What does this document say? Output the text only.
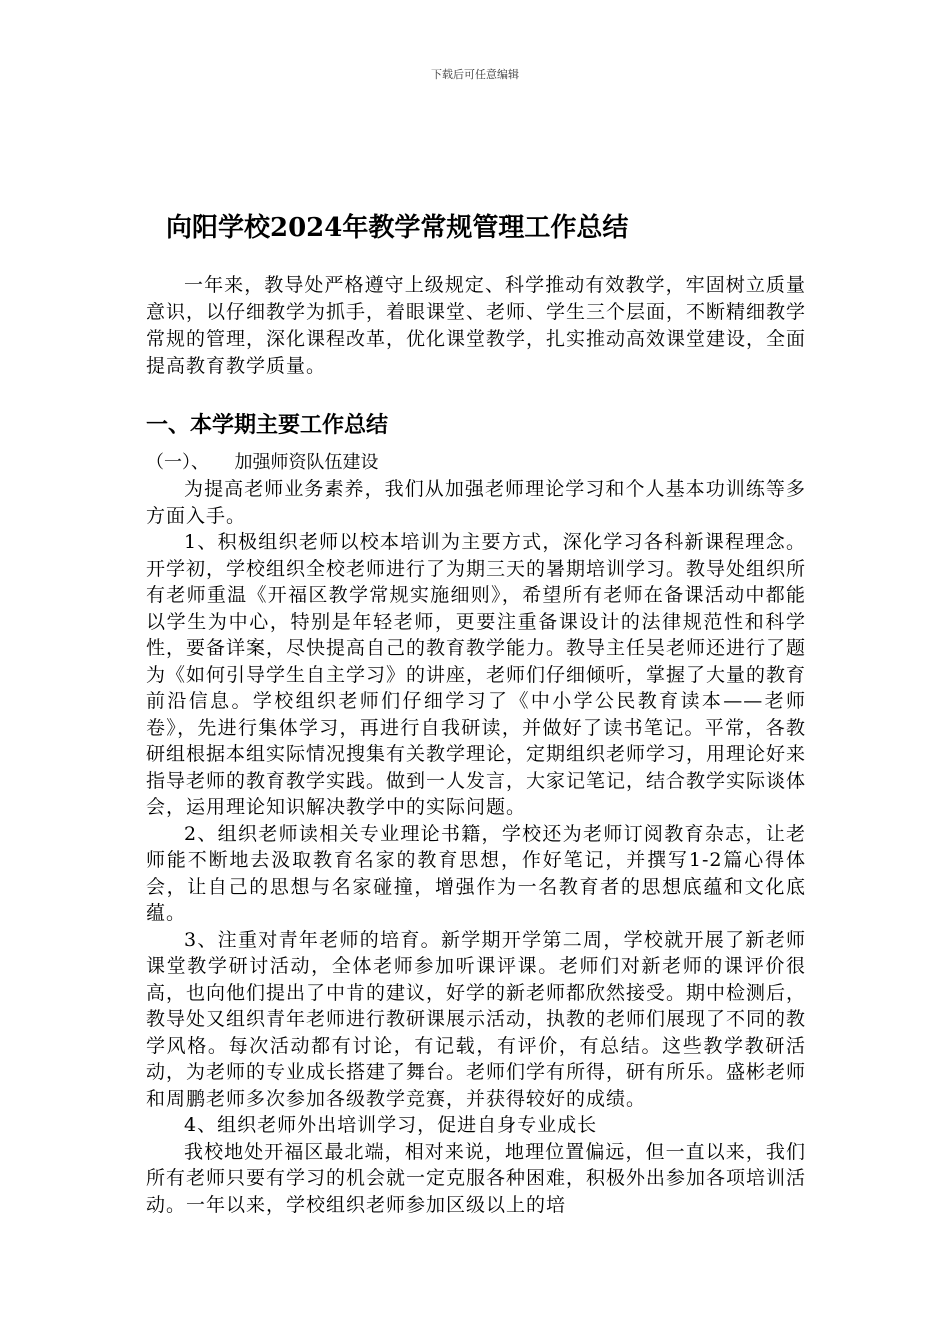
下载后可任意编辑
向阳学校2024年教学常规管理工作总结

一年来，教导处严格遵守上级规定、科学推动有效教学，牢固树立质量意识，以仔细教学为抓手，着眼课堂、老师、学生三个层面，不断精细教学常规的管理，深化课程改革，优化课堂教学，扎实推动高效课堂建设，全面提高教育教学质量。

一、本学期主要工作总结

（一）、 加强师资队伍建设

为提高老师业务素养，我们从加强老师理论学习和个人基本功训练等多方面入手。

1、积极组织老师以校本培训为主要方式，深化学习各科新课程理念。开学初，学校组织全校老师进行了为期三天的暑期培训学习。教导处组织所有老师重温《开福区教学常规实施细则》，希望所有老师在备课活动中都能以学生为中心，特别是年轻老师，更要注重备课设计的法律规范性和科学性，要备详案，尽快提高自己的教育教学能力。教导主任吴老师还进行了题为《如何引导学生自主学习》的讲座，老师们仔细倾听，掌握了大量的教育前沿信息。学校组织老师们仔细学习了《中小学公民教育读本——老师卷》，先进行集体学习，再进行自我研读，并做好了读书笔记。平常，各教研组根据本组实际情况搜集有关教学理论，定期组织老师学习，用理论好来指导老师的教育教学实践。做到一人发言，大家记笔记，结合教学实际谈体会，运用理论知识解决教学中的实际问题。

2、组织老师读相关专业理论书籍，学校还为老师订阅教育杂志，让老师能不断地去汲取教育名家的教育思想，作好笔记，并撰写1-2篇心得体会，让自己的思想与名家碰撞，增强作为一名教育者的思想底蕴和文化底蕴。

3、注重对青年老师的培育。新学期开学第二周，学校就开展了新老师课堂教学研讨活动，全体老师参加听课评课。老师们对新老师的课评价很高，也向他们提出了中肯的建议，好学的新老师都欣然接受。期中检测后，教导处又组织青年老师进行教研课展示活动，执教的老师们展现了不同的教学风格。每次活动都有讨论，有记载，有评价，有总结。这些教学教研活动，为老师的专业成长搭建了舞台。老师们学有所得，研有所乐。盛彬老师和周鹏老师多次参加各级教学竞赛，并获得较好的成绩。

4、组织老师外出培训学习，促进自身专业成长

我校地处开福区最北端，相对来说，地理位置偏远，但一直以来，我们所有老师只要有学习的机会就一定克服各种困难，积极外出参加各项培训活动。一年以来，学校组织老师参加区级以上的培
